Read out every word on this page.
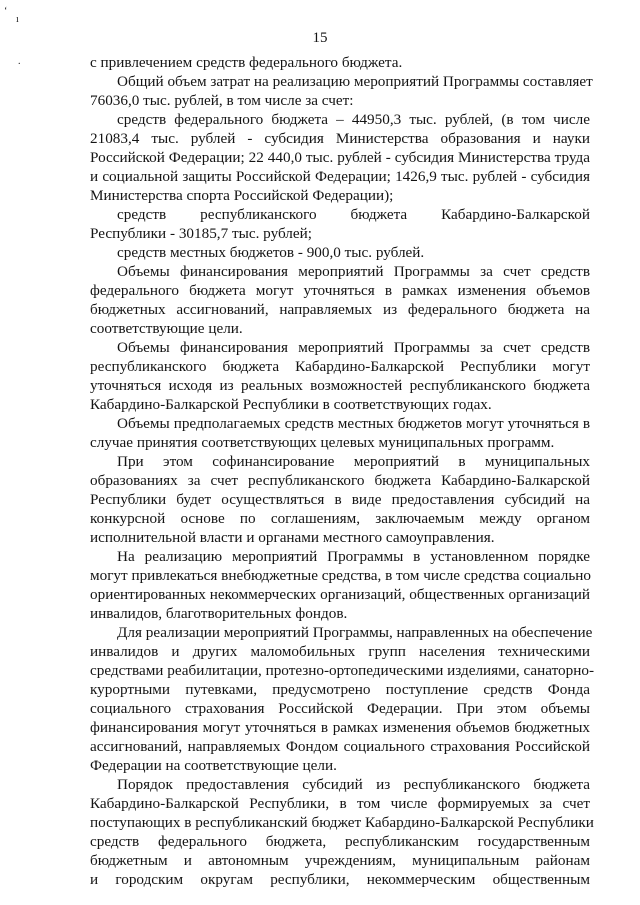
15
‘
ı
.	с привлечением средств федерального бюджета.
Общий объем затрат на реализацию мероприятий Программы составляет
76036,0 тыс. рублей, в том числе за счет:
средств федерального бюджета – 44950,3 тыс. рублей, (в том числе
21083,4 тыс. рублей - субсидия Министерства образования и науки
Российской Федерации; 22 440,0 тыс. рублей - субсидия Министерства труда
и социальной защиты Российской Федерации; 1426,9 тыс. рублей - субсидия
Министерства спорта Российской Федерации);
средств республиканского бюджета Кабардино-Балкарской
Республики - 30185,7 тыс. рублей;
средств местных бюджетов - 900,0 тыс. рублей.
Объемы финансирования мероприятий Программы за счет средств
федерального бюджета могут уточняться в рамках изменения объемов
бюджетных ассигнований, направляемых из федерального бюджета на
соответствующие цели.
Объемы финансирования мероприятий Программы за счет средств
республиканского бюджета Кабардино-Балкарской Республики могут
уточняться исходя из реальных возможностей республиканского бюджета
Кабардино-Балкарской Республики в соответствующих годах.
Объемы предполагаемых средств местных бюджетов могут уточняться в
случае принятия соответствующих целевых муниципальных программ.
При этом софинансирование мероприятий в муниципальных
образованиях за счет республиканского бюджета Кабардино-Балкарской
Республики будет осуществляться в виде предоставления субсидий на
конкурсной основе по соглашениям, заключаемым между органом
исполнительной власти и органами местного самоуправления.
На реализацию мероприятий Программы в установленном порядке
могут привлекаться внебюджетные средства, в том числе средства социально
ориентированных некоммерческих организаций, общественных организаций
инвалидов, благотворительных фондов.
Для реализации мероприятий Программы, направленных на обеспечение
инвалидов и других маломобильных групп населения техническими
средствами реабилитации, протезно-ортопедическими изделиями, санаторно-
курортными путевками, предусмотрено поступление средств Фонда
социального страхования Российской Федерации. При этом объемы
финансирования могут уточняться в рамках изменения объемов бюджетных
ассигнований, направляемых Фондом социального страхования Российской
Федерации на соответствующие цели.
Порядок предоставления субсидий из республиканского бюджета
Кабардино-Балкарской Республики, в том числе формируемых за счет
поступающих в республиканский бюджет Кабардино-Балкарской Республики
средств федерального бюджета, республиканским государственным
бюджетным и автономным учреждениям, муниципальным районам
и городским округам республики, некоммерческим общественным
